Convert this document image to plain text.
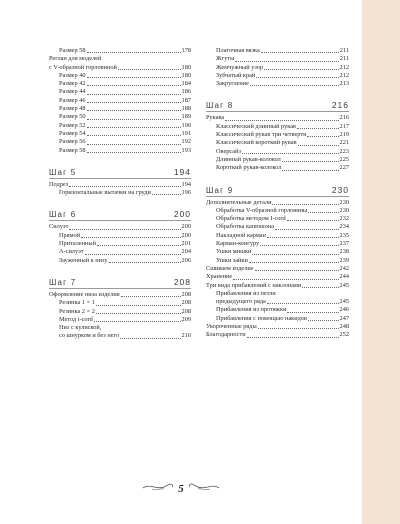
Размер 58	178
Реглан для моделей
с V-образной горловиной	180
Размер 40	180
Размер 42	184
Размер 44	186
Размер 46	187
Размер 48	188
Размер 50	189
Размер 52	190
Размер 54	191
Размер 56	192
Размер 58	193
Шаг 5	194
Подрез	194
Горизонтальные вытачки на груди	196
Шаг 6	200
Силуэт	200
Прямой	200
Приталенный	201
А-силуэт	204
Зауженный к низу	206
Шаг 7	208
Оформление низа изделия	208
Резинка 1 × 1	208
Резинка 2 × 2	208
Метод i-cord	209
Низ с кулиской,
со шнурком и без него	210
Платочная вязка	211
Жгуты	211
Жемчужный узор	212
Зубчатый край	212
Закругление	213
Шаг 8	216
Рукава	216
Классический длинный рукав	217
Классический рукав три четверти	219
Классический короткий рукав	221
Оверсайз	223
Длинный рукав-колокол	225
Короткий рукав-колокол	227
Шаг 9	230
Дополнительные детали	230
Обработка V-образной горловины	230
Обработка методом I-cord	232
Обработка капюшона	234
Накладной карман	235
Карман-кенгуру	237
Ушки мишки	238
Ушки зайки	239
Сшиваем изделие	242
Хранение	244
Три вида прибавлений с наклонами	245
Прибавления из петли
предыдущего ряда	245
Прибавления из протяжки	246
Прибавления с помощью накидов	247
Укороченные ряды	248
Благодарности	252
5
